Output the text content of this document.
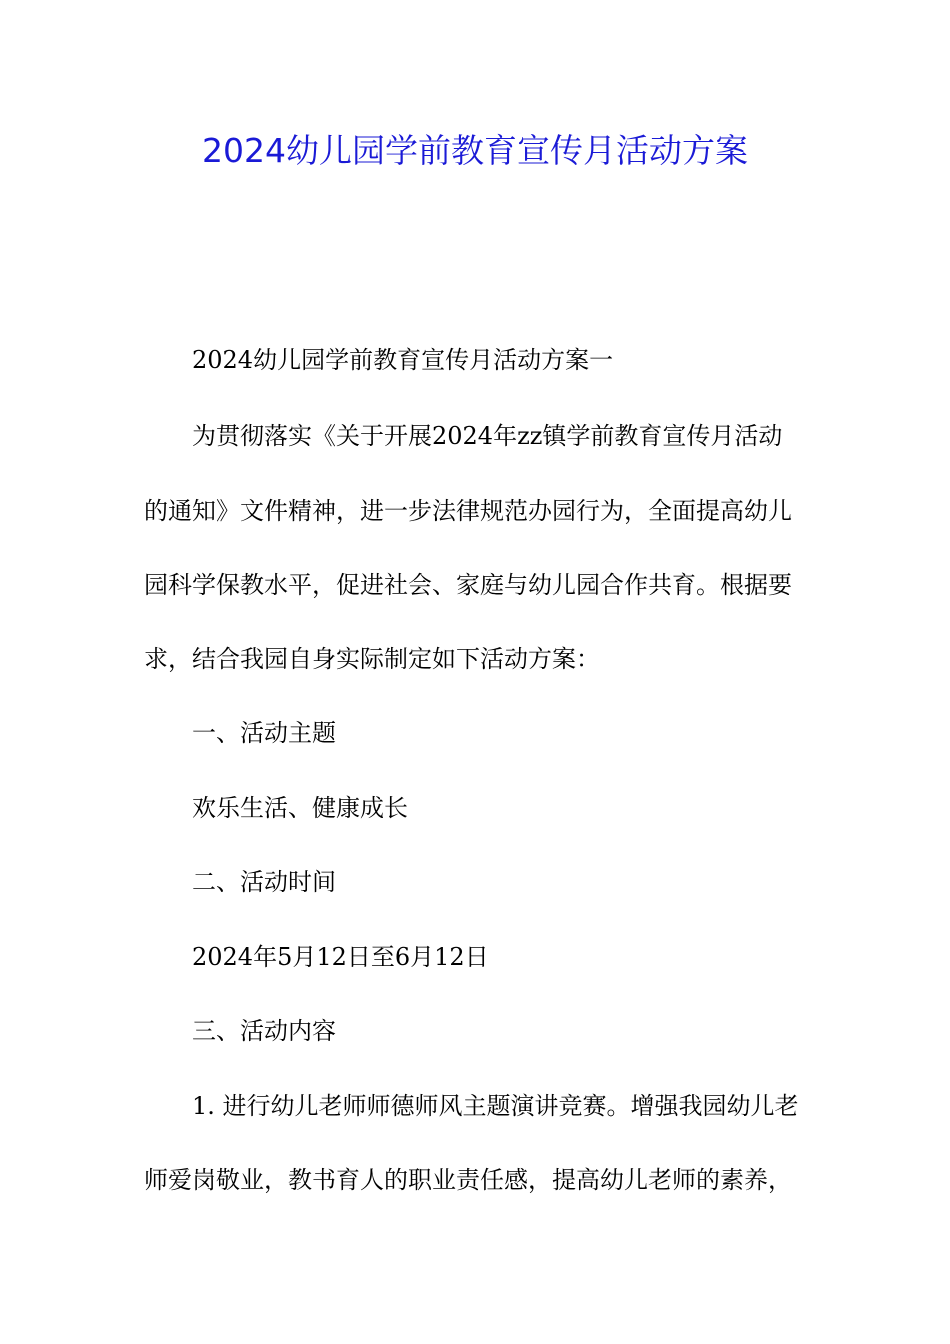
2024幼儿园学前教育宣传月活动方案
2024幼儿园学前教育宣传月活动方案一
为贯彻落实《关于开展2024年zz镇学前教育宣传月活动
的通知》文件精神，进一步法律规范办园行为，全面提高幼儿
园科学保教水平，促进社会、家庭与幼儿园合作共育。根据要
求，结合我园自身实际制定如下活动方案：
一、活动主题
欢乐生活、健康成长
二、活动时间
2024年5月12日至6月12日
三、活动内容
1. 进行幼儿老师师德师风主题演讲竞赛。增强我园幼儿老
师爱岗敬业，教书育人的职业责任感，提高幼儿老师的素养，
